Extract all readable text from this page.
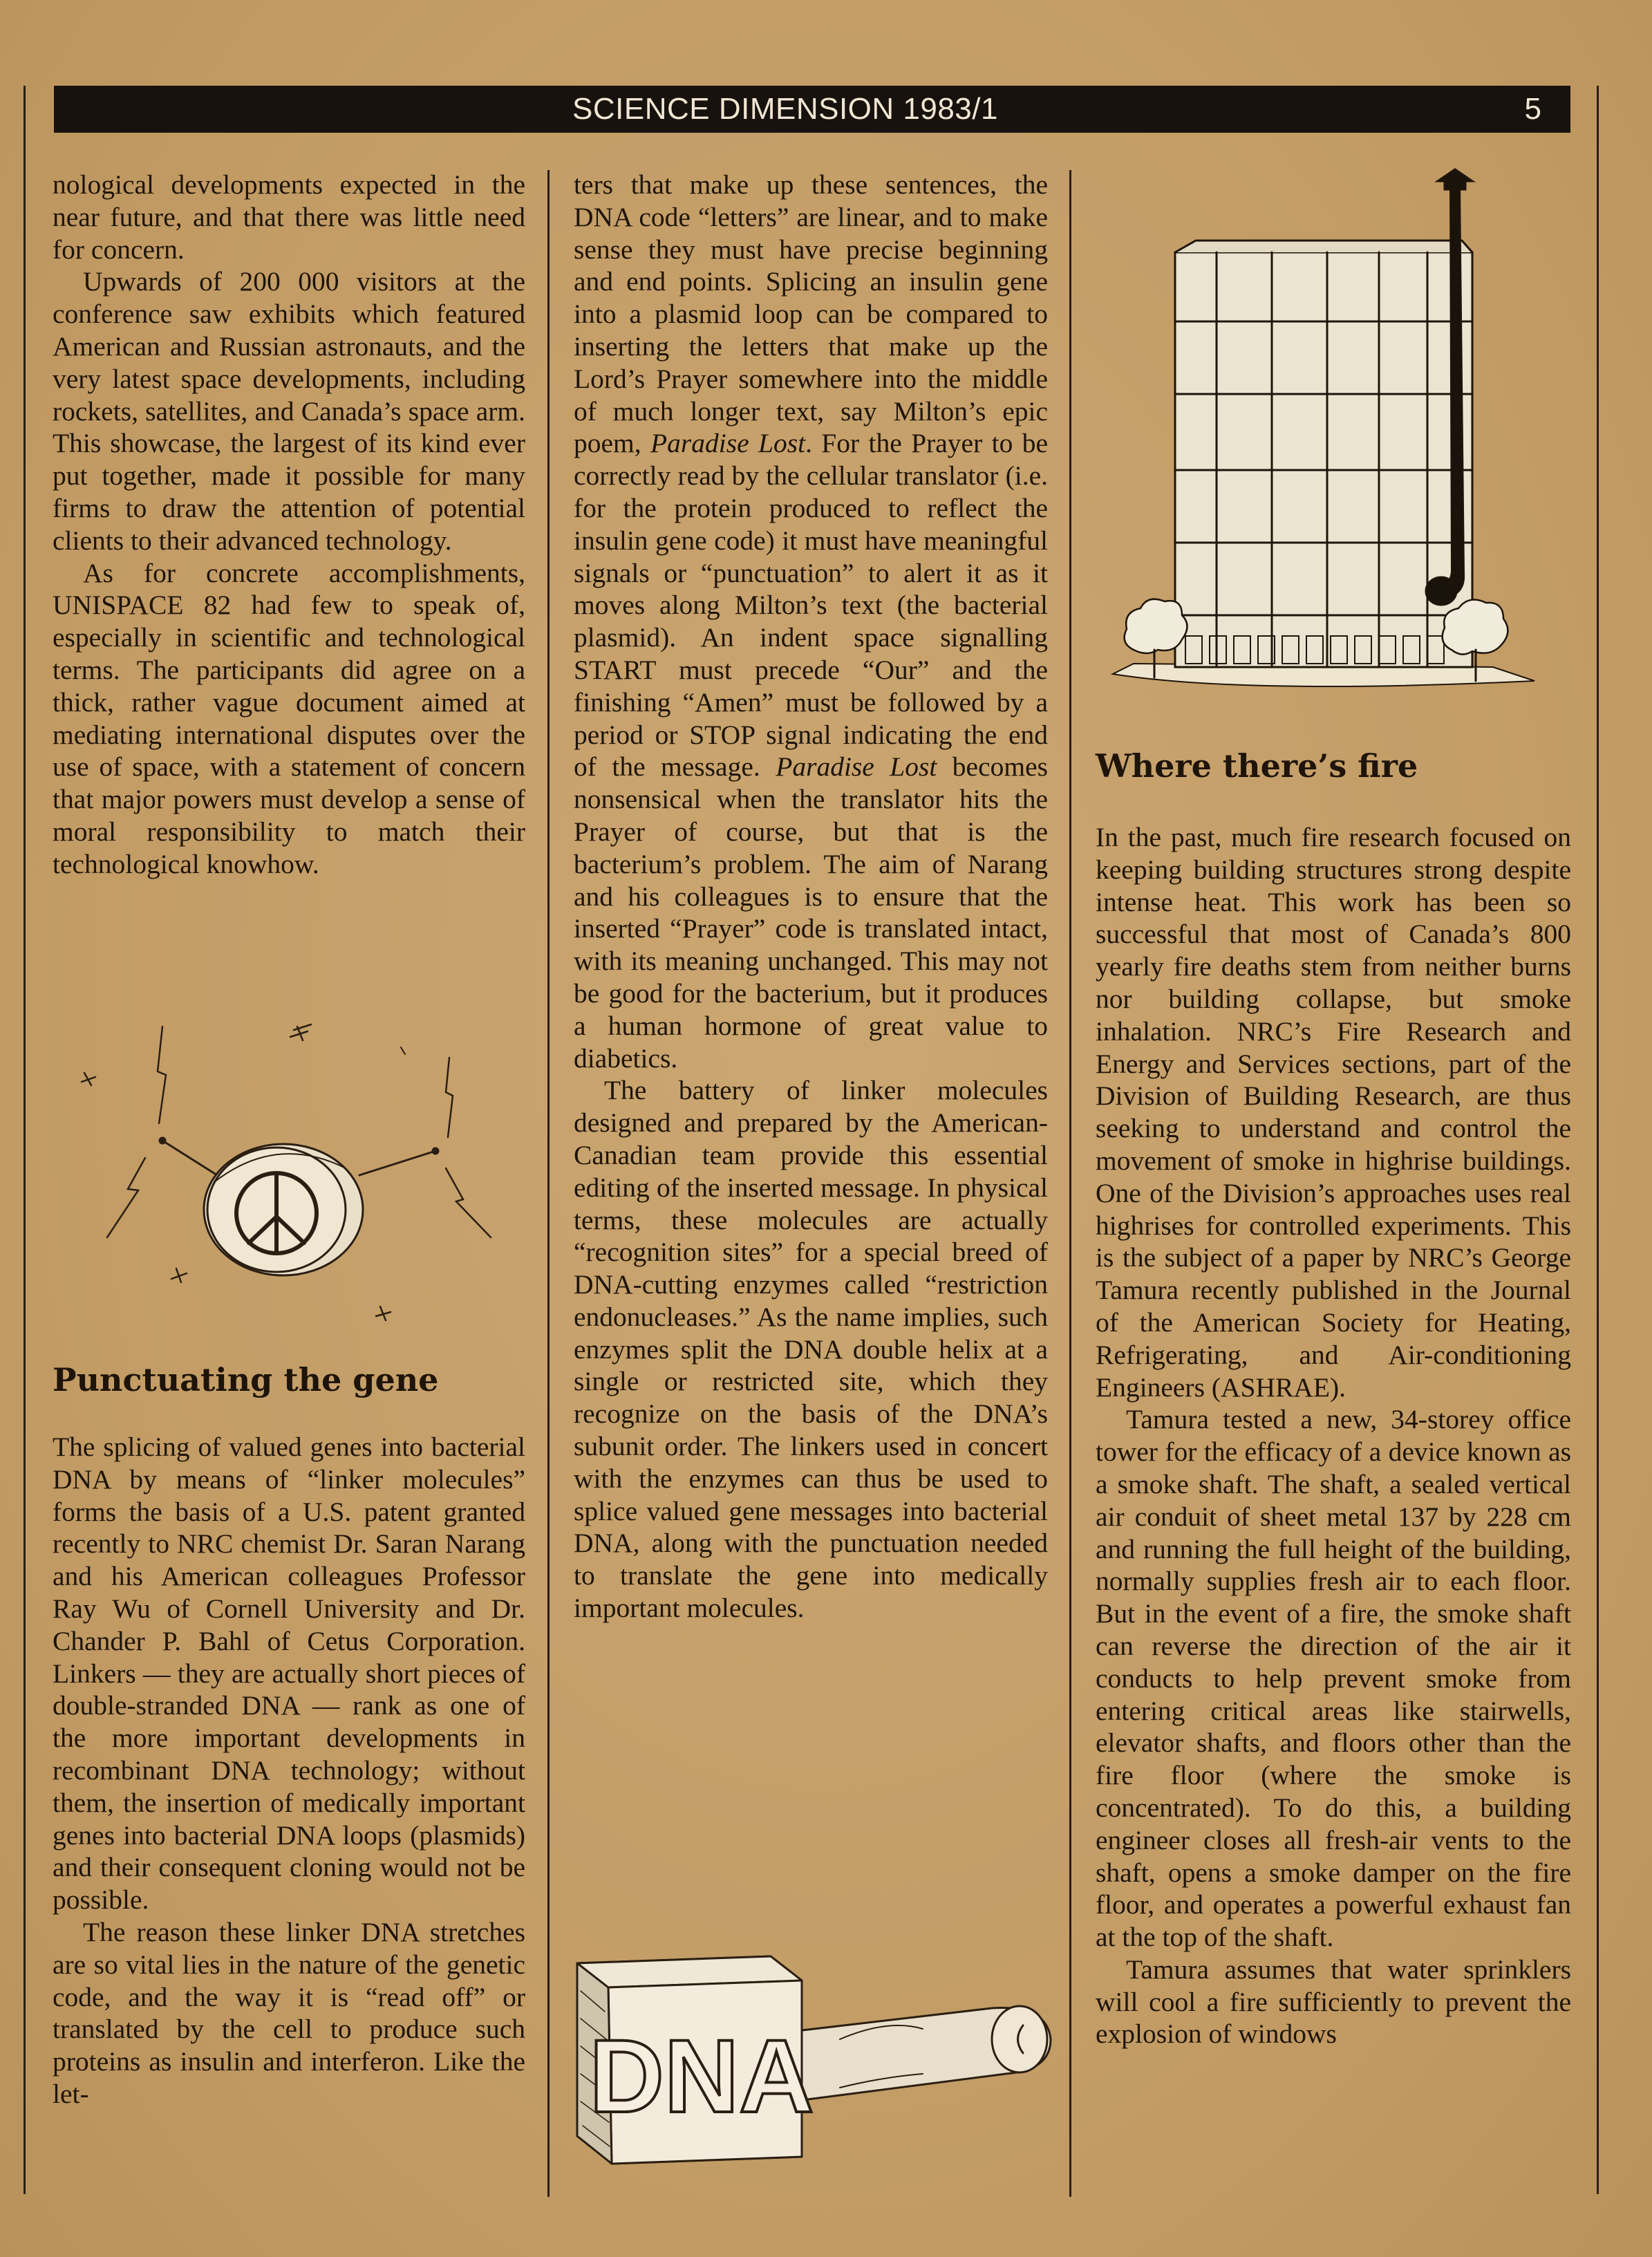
SCIENCE DIMENSION 1983/1	5

nological developments expected in the near future, and that there was little need for concern.

Upwards of 200 000 visitors at the conference saw exhibits which featured American and Russian astronauts, and the very latest space developments, including rockets, satellites, and Canada’s space arm. This showcase, the largest of its kind ever put together, made it possible for many firms to draw the attention of potential clients to their advanced technology.

As for concrete accomplishments, UNISPACE 82 had few to speak of, especially in scientific and technological terms. The participants did agree on a thick, rather vague document aimed at mediating international disputes over the use of space, with a statement of concern that major powers must develop a sense of moral responsibility to match their technological knowhow.

Punctuating the gene

The splicing of valued genes into bacterial DNA by means of “linker molecules” forms the basis of a U.S. patent granted recently to NRC chemist Dr. Saran Narang and his American colleagues Professor Ray Wu of Cornell University and Dr. Chander P. Bahl of Cetus Corporation. Linkers — they are actually short pieces of double-stranded DNA — rank as one of the more important developments in recombinant DNA technology; without them, the insertion of medically important genes into bacterial DNA loops (plasmids) and their consequent cloning would not be possible.

The reason these linker DNA stretches are so vital lies in the nature of the genetic code, and the way it is “read off” or translated by the cell to produce such proteins as insulin and interferon. Like the let-

ters that make up these sentences, the DNA code “letters” are linear, and to make sense they must have precise beginning and end points. Splicing an insulin gene into a plasmid loop can be compared to inserting the letters that make up the Lord’s Prayer somewhere into the middle of much longer text, say Milton’s epic poem, Paradise Lost. For the Prayer to be correctly read by the cellular translator (i.e. for the protein produced to reflect the insulin gene code) it must have meaningful signals or “punctuation” to alert it as it moves along Milton’s text (the bacterial plasmid). An indent space signalling START must precede “Our” and the finishing “Amen” must be followed by a period or STOP signal indicating the end of the message. Paradise Lost becomes nonsensical when the translator hits the Prayer of course, but that is the bacterium’s problem. The aim of Narang and his colleagues is to ensure that the inserted “Prayer” code is translated intact, with its meaning unchanged. This may not be good for the bacterium, but it produces a human hormone of great value to diabetics.

The battery of linker molecules designed and prepared by the American-Canadian team provide this essential editing of the inserted message. In physical terms, these molecules are actually “recognition sites” for a special breed of DNA-cutting enzymes called “restriction endonucleases.” As the name implies, such enzymes split the DNA double helix at a single or restricted site, which they recognize on the basis of the DNA’s subunit order. The linkers used in concert with the enzymes can thus be used to splice valued gene messages into bacterial DNA, along with the punctuation needed to translate the gene into medically important molecules.

DNA
Where there’s fire

In the past, much fire research focused on keeping building structures strong despite intense heat. This work has been so successful that most of Canada’s 800 yearly fire deaths stem from neither burns nor building collapse, but smoke inhalation. NRC’s Fire Research and Energy and Services sections, part of the Division of Building Research, are thus seeking to understand and control the movement of smoke in highrise buildings. One of the Division’s approaches uses real highrises for controlled experiments. This is the subject of a paper by NRC’s George Tamura recently published in the Journal of the American Society for Heating, Refrigerating, and Air-conditioning Engineers (ASHRAE).

Tamura tested a new, 34-storey office tower for the efficacy of a device known as a smoke shaft. The shaft, a sealed vertical air conduit of sheet metal 137 by 228 cm and running the full height of the building, normally supplies fresh air to each floor. But in the event of a fire, the smoke shaft can reverse the direction of the air it conducts to help prevent smoke from entering critical areas like stairwells, elevator shafts, and floors other than the fire floor (where the smoke is concentrated). To do this, a building engineer closes all fresh-air vents to the shaft, opens a smoke damper on the fire floor, and operates a powerful exhaust fan at the top of the shaft.

Tamura assumes that water sprinklers will cool a fire sufficiently to prevent the explosion of windows
